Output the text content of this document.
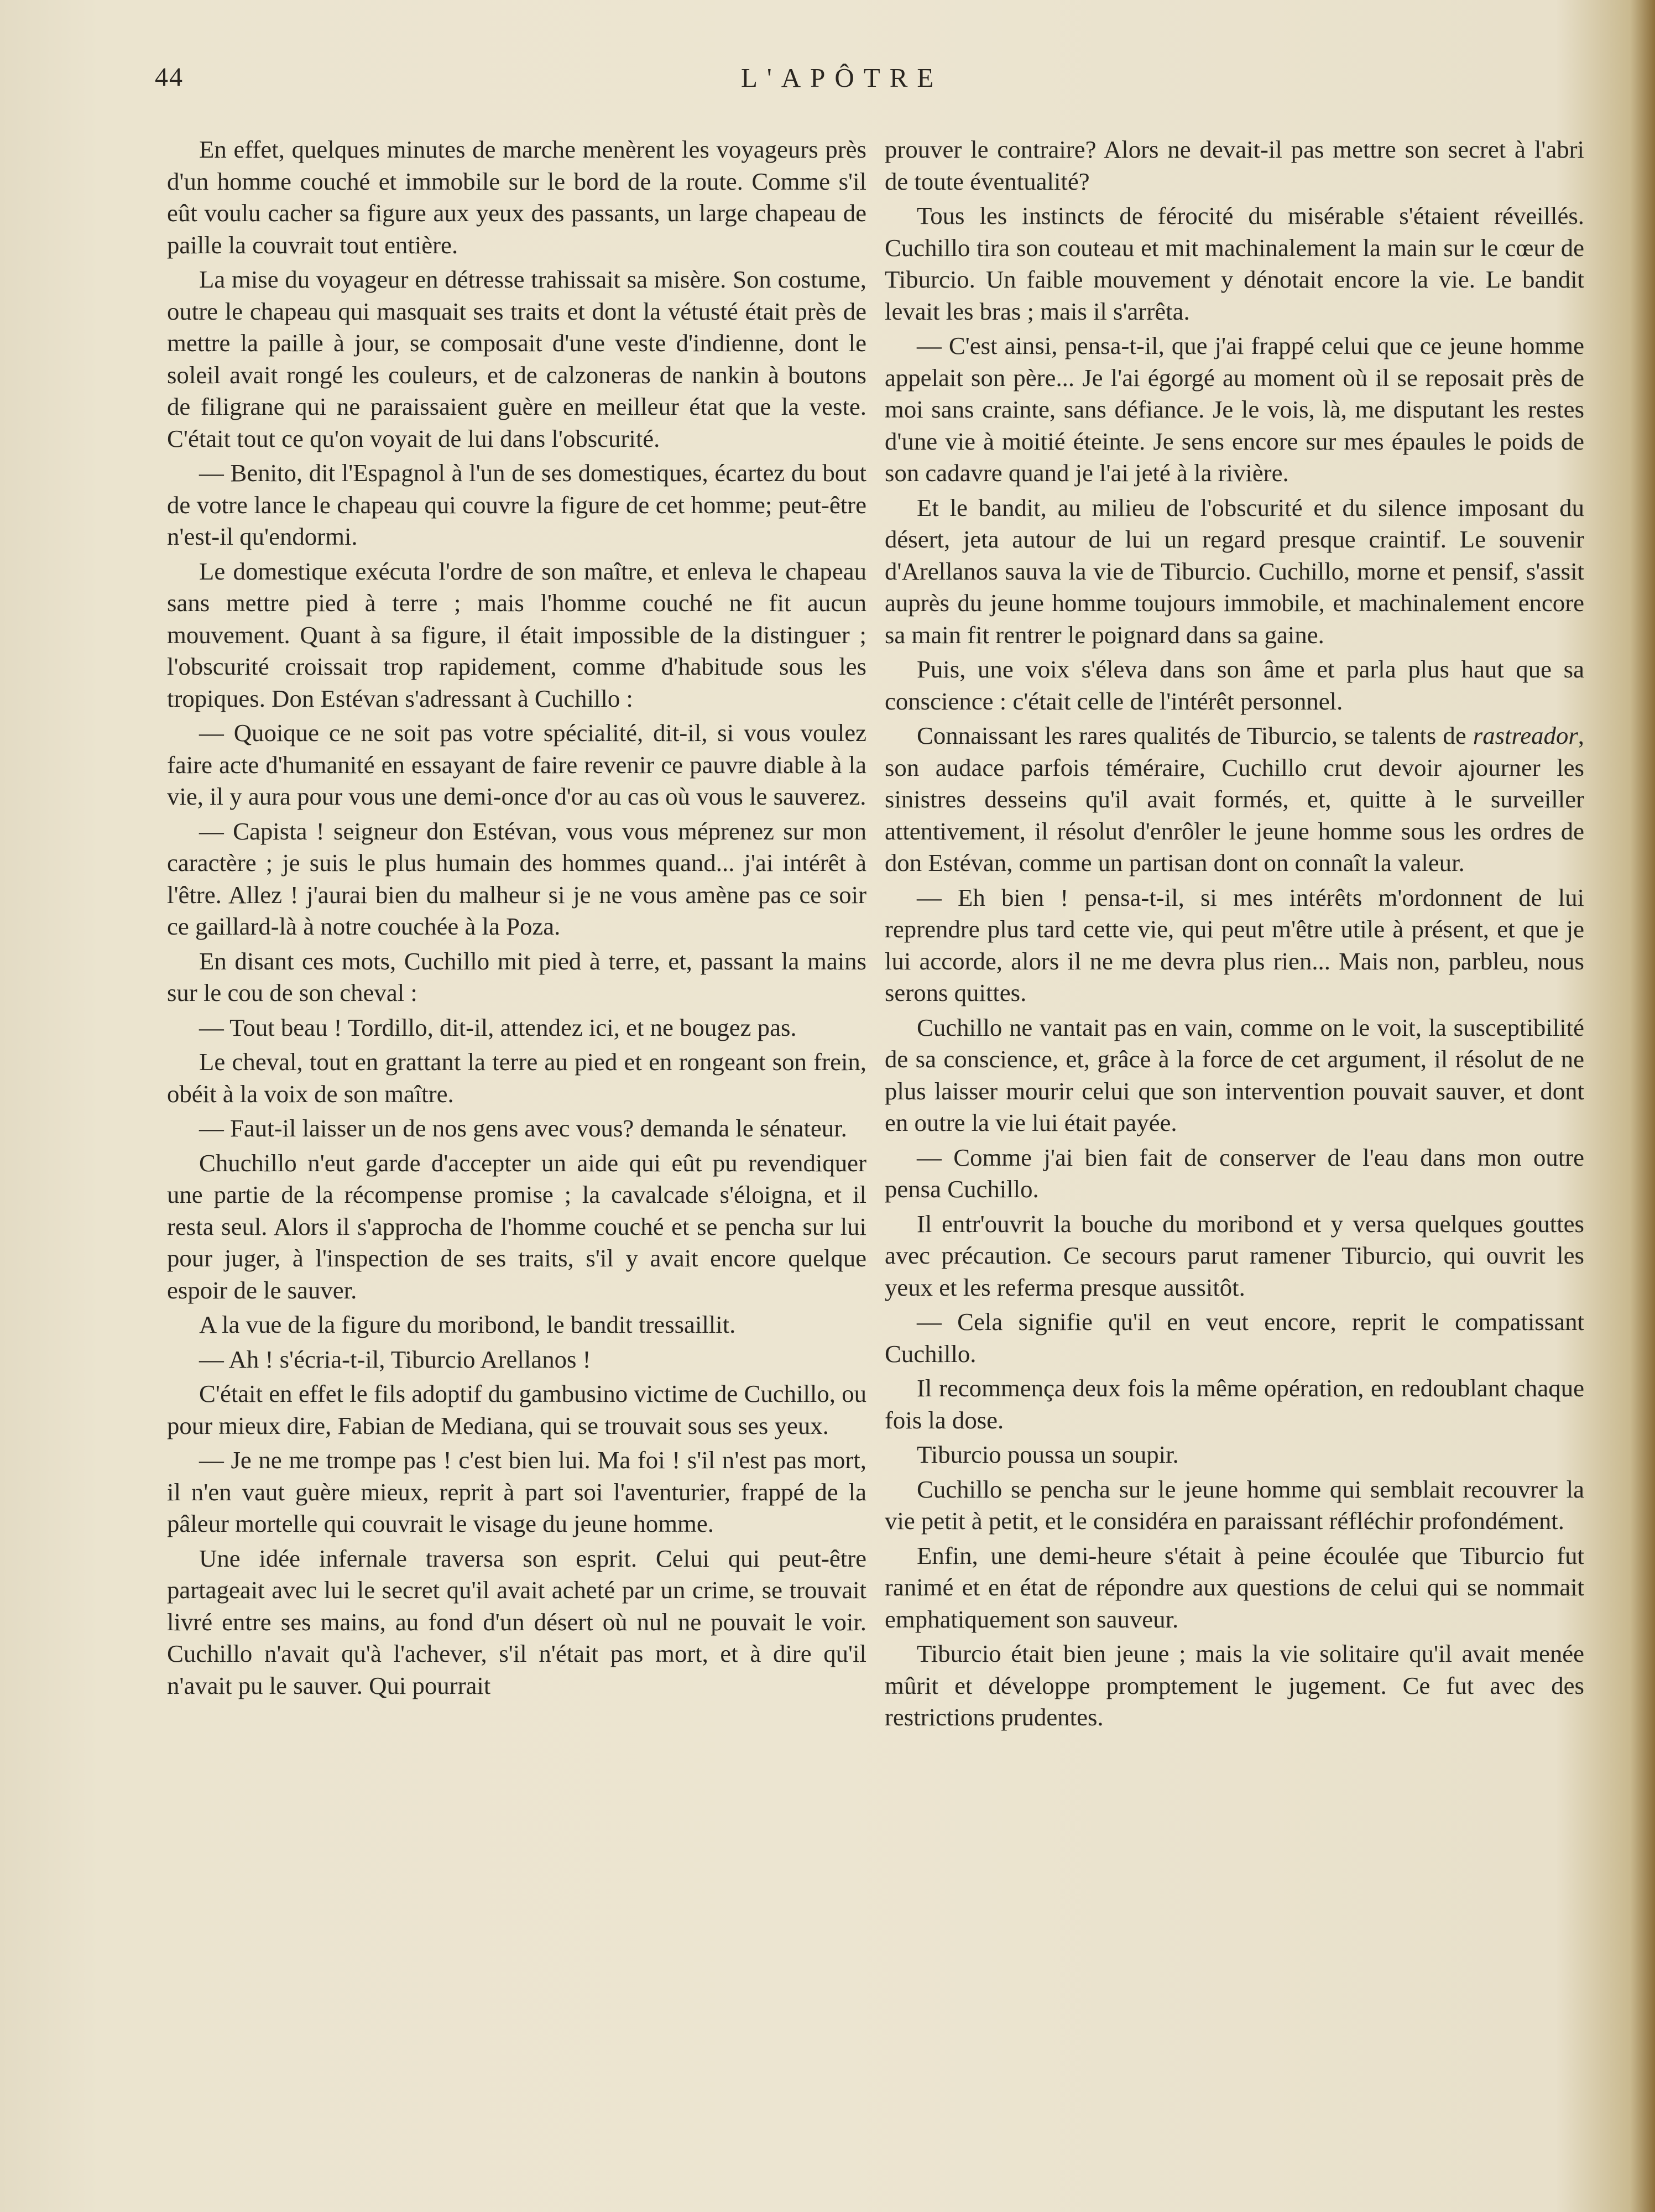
44	L'APÔTRE

En effet, quelques minutes de marche menèrent les voyageurs près d'un homme couché et immobile sur le bord de la route. Comme s'il eût voulu cacher sa figure aux yeux des passants, un large chapeau de paille la couvrait tout entière.

La mise du voyageur en détresse trahissait sa misère. Son costume, outre le chapeau qui masquait ses traits et dont la vétusté était près de mettre la paille à jour, se composait d'une veste d'indienne, dont le soleil avait rongé les couleurs, et de calzoneras de nankin à boutons de filigrane qui ne paraissaient guère en meilleur état que la veste. C'était tout ce qu'on voyait de lui dans l'obscurité.

— Benito, dit l'Espagnol à l'un de ses domestiques, écartez du bout de votre lance le chapeau qui couvre la figure de cet homme; peut-être n'est-il qu'endormi.

Le domestique exécuta l'ordre de son maître, et enleva le chapeau sans mettre pied à terre ; mais l'homme couché ne fit aucun mouvement. Quant à sa figure, il était impossible de la distinguer ; l'obscurité croissait trop rapidement, comme d'habitude sous les tropiques. Don Estévan s'adressant à Cuchillo :

— Quoique ce ne soit pas votre spécialité, dit-il, si vous voulez faire acte d'humanité en essayant de faire revenir ce pauvre diable à la vie, il y aura pour vous une demi-once d'or au cas où vous le sauverez.

— Capista ! seigneur don Estévan, vous vous méprenez sur mon caractère ; je suis le plus humain des hommes quand... j'ai intérêt à l'être. Allez ! j'aurai bien du malheur si je ne vous amène pas ce soir ce gaillard-là à notre couchée à la Poza.

En disant ces mots, Cuchillo mit pied à terre, et, passant la mains sur le cou de son cheval :

— Tout beau ! Tordillo, dit-il, attendez ici, et ne bougez pas.

Le cheval, tout en grattant la terre au pied et en rongeant son frein, obéit à la voix de son maître.

— Faut-il laisser un de nos gens avec vous? demanda le sénateur.

Chuchillo n'eut garde d'accepter un aide qui eût pu revendiquer une partie de la récompense promise ; la cavalcade s'éloigna, et il resta seul. Alors il s'approcha de l'homme couché et se pencha sur lui pour juger, à l'inspection de ses traits, s'il y avait encore quelque espoir de le sauver.

A la vue de la figure du moribond, le bandit tressaillit.

— Ah ! s'écria-t-il, Tiburcio Arellanos !

C'était en effet le fils adoptif du gambusino victime de Cuchillo, ou pour mieux dire, Fabian de Mediana, qui se trouvait sous ses yeux.

— Je ne me trompe pas ! c'est bien lui. Ma foi ! s'il n'est pas mort, il n'en vaut guère mieux, reprit à part soi l'aventurier, frappé de la pâleur mortelle qui couvrait le visage du jeune homme.

Une idée infernale traversa son esprit. Celui qui peut-être partageait avec lui le secret qu'il avait acheté par un crime, se trouvait livré entre ses mains, au fond d'un désert où nul ne pouvait le voir. Cuchillo n'avait qu'à l'achever, s'il n'était pas mort, et à dire qu'il n'avait pu le sauver. Qui pourrait

prouver le contraire? Alors ne devait-il pas mettre son secret à l'abri de toute éventualité?

Tous les instincts de férocité du misérable s'étaient réveillés. Cuchillo tira son couteau et mit machinalement la main sur le cœur de Tiburcio. Un faible mouvement y dénotait encore la vie. Le bandit levait les bras ; mais il s'arrêta.

— C'est ainsi, pensa-t-il, que j'ai frappé celui que ce jeune homme appelait son père... Je l'ai égorgé au moment où il se reposait près de moi sans crainte, sans défiance. Je le vois, là, me disputant les restes d'une vie à moitié éteinte. Je sens encore sur mes épaules le poids de son cadavre quand je l'ai jeté à la rivière.

Et le bandit, au milieu de l'obscurité et du silence imposant du désert, jeta autour de lui un regard presque craintif. Le souvenir d'Arellanos sauva la vie de Tiburcio. Cuchillo, morne et pensif, s'assit auprès du jeune homme toujours immobile, et machinalement encore sa main fit rentrer le poignard dans sa gaine.

Puis, une voix s'éleva dans son âme et parla plus haut que sa conscience : c'était celle de l'intérêt personnel.

Connaissant les rares qualités de Tiburcio, se talents de rastreador, son audace parfois téméraire, Cuchillo crut devoir ajourner les sinistres desseins qu'il avait formés, et, quitte à le surveiller attentivement, il résolut d'enrôler le jeune homme sous les ordres de don Estévan, comme un partisan dont on connaît la valeur.

— Eh bien ! pensa-t-il, si mes intérêts m'ordonnent de lui reprendre plus tard cette vie, qui peut m'être utile à présent, et que je lui accorde, alors il ne me devra plus rien... Mais non, parbleu, nous serons quittes.

Cuchillo ne vantait pas en vain, comme on le voit, la susceptibilité de sa conscience, et, grâce à la force de cet argument, il résolut de ne plus laisser mourir celui que son intervention pouvait sauver, et dont en outre la vie lui était payée.

— Comme j'ai bien fait de conserver de l'eau dans mon outre pensa Cuchillo.

Il entr'ouvrit la bouche du moribond et y versa quelques gouttes avec précaution. Ce secours parut ramener Tiburcio, qui ouvrit les yeux et les referma presque aussitôt.

— Cela signifie qu'il en veut encore, reprit le compatissant Cuchillo.

Il recommença deux fois la même opération, en redoublant chaque fois la dose.

Tiburcio poussa un soupir.

Cuchillo se pencha sur le jeune homme qui semblait recouvrer la vie petit à petit, et le considéra en paraissant réfléchir profondément.

Enfin, une demi-heure s'était à peine écoulée que Tiburcio fut ranimé et en état de répondre aux questions de celui qui se nommait emphatiquement son sauveur.

Tiburcio était bien jeune ; mais la vie solitaire qu'il avait menée mûrit et développe promptement le jugement. Ce fut avec des restrictions prudentes.
